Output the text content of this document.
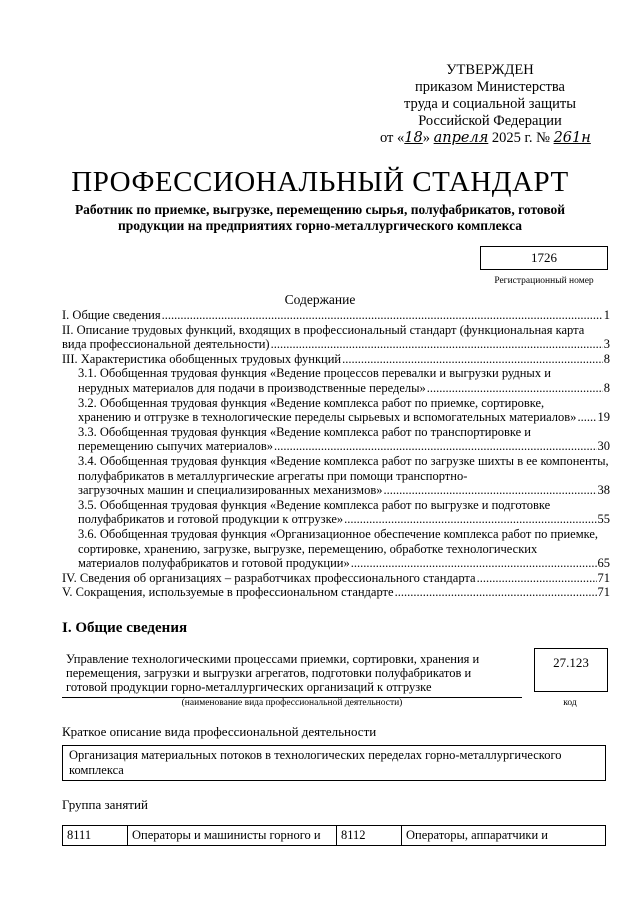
УТВЕРЖДЕН
приказом Министерства
труда и социальной защиты
Российской Федерации
от «18» апреля 2025 г. № 261н
ПРОФЕССИОНАЛЬНЫЙ СТАНДАРТ
Работник по приемке, выгрузке, перемещению сырья, полуфабрикатов, готовой продукции на предприятиях горно-металлургического комплекса
1726
Регистрационный номер
Содержание
I. Общие сведения .....	1
II. Описание трудовых функций, входящих в профессиональный стандарт (функциональная карта
вида профессиональной деятельности) .....	3
III. Характеристика обобщенных трудовых функций .....	8
3.1. Обобщенная трудовая функция «Ведение процессов перевалки и выгрузки рудных и
нерудных материалов для подачи в производственные переделы» .....	8
3.2. Обобщенная трудовая функция «Ведение комплекса работ по приемке, сортировке,
хранению и отгрузке в технологические переделы сырьевых и вспомогательных материалов» ..... 19
3.3. Обобщенная трудовая функция «Ведение комплекса работ по транспортировке и
перемещению сыпучих материалов» .....	30
3.4. Обобщенная трудовая функция «Ведение комплекса работ по загрузке шихты в ее компоненты, полуфабрикатов в металлургические агрегаты при помощи транспортно-
загрузочных машин и специализированных механизмов» .....	38
3.5. Обобщенная трудовая функция «Ведение комплекса работ по выгрузке и подготовке
полуфабрикатов и готовой продукции к отгрузке» .....	55
3.6. Обобщенная трудовая функция «Организационное обеспечение комплекса работ по приемке, сортировке, хранению, загрузке, выгрузке, перемещению, обработке технологических
материалов полуфабрикатов и готовой продукции» .....	65
IV. Сведения об организациях – разработчиках профессионального стандарта .....	71
V. Сокращения, используемые в профессиональном стандарте .....	71
I. Общие сведения
Управление технологическими процессами приемки, сортировки, хранения и перемещения, загрузки и выгрузки агрегатов, подготовки полуфабрикатов и готовой продукции горно-металлургических организаций к отгрузке
27.123
(наименование вида профессиональной деятельности)	код
Краткое описание вида профессиональной деятельности
Организация материальных потоков в технологических переделах горно-металлургического комплекса
Группа занятий
8111	Операторы и машинисты горного и	8112	Операторы, аппаратчики и
